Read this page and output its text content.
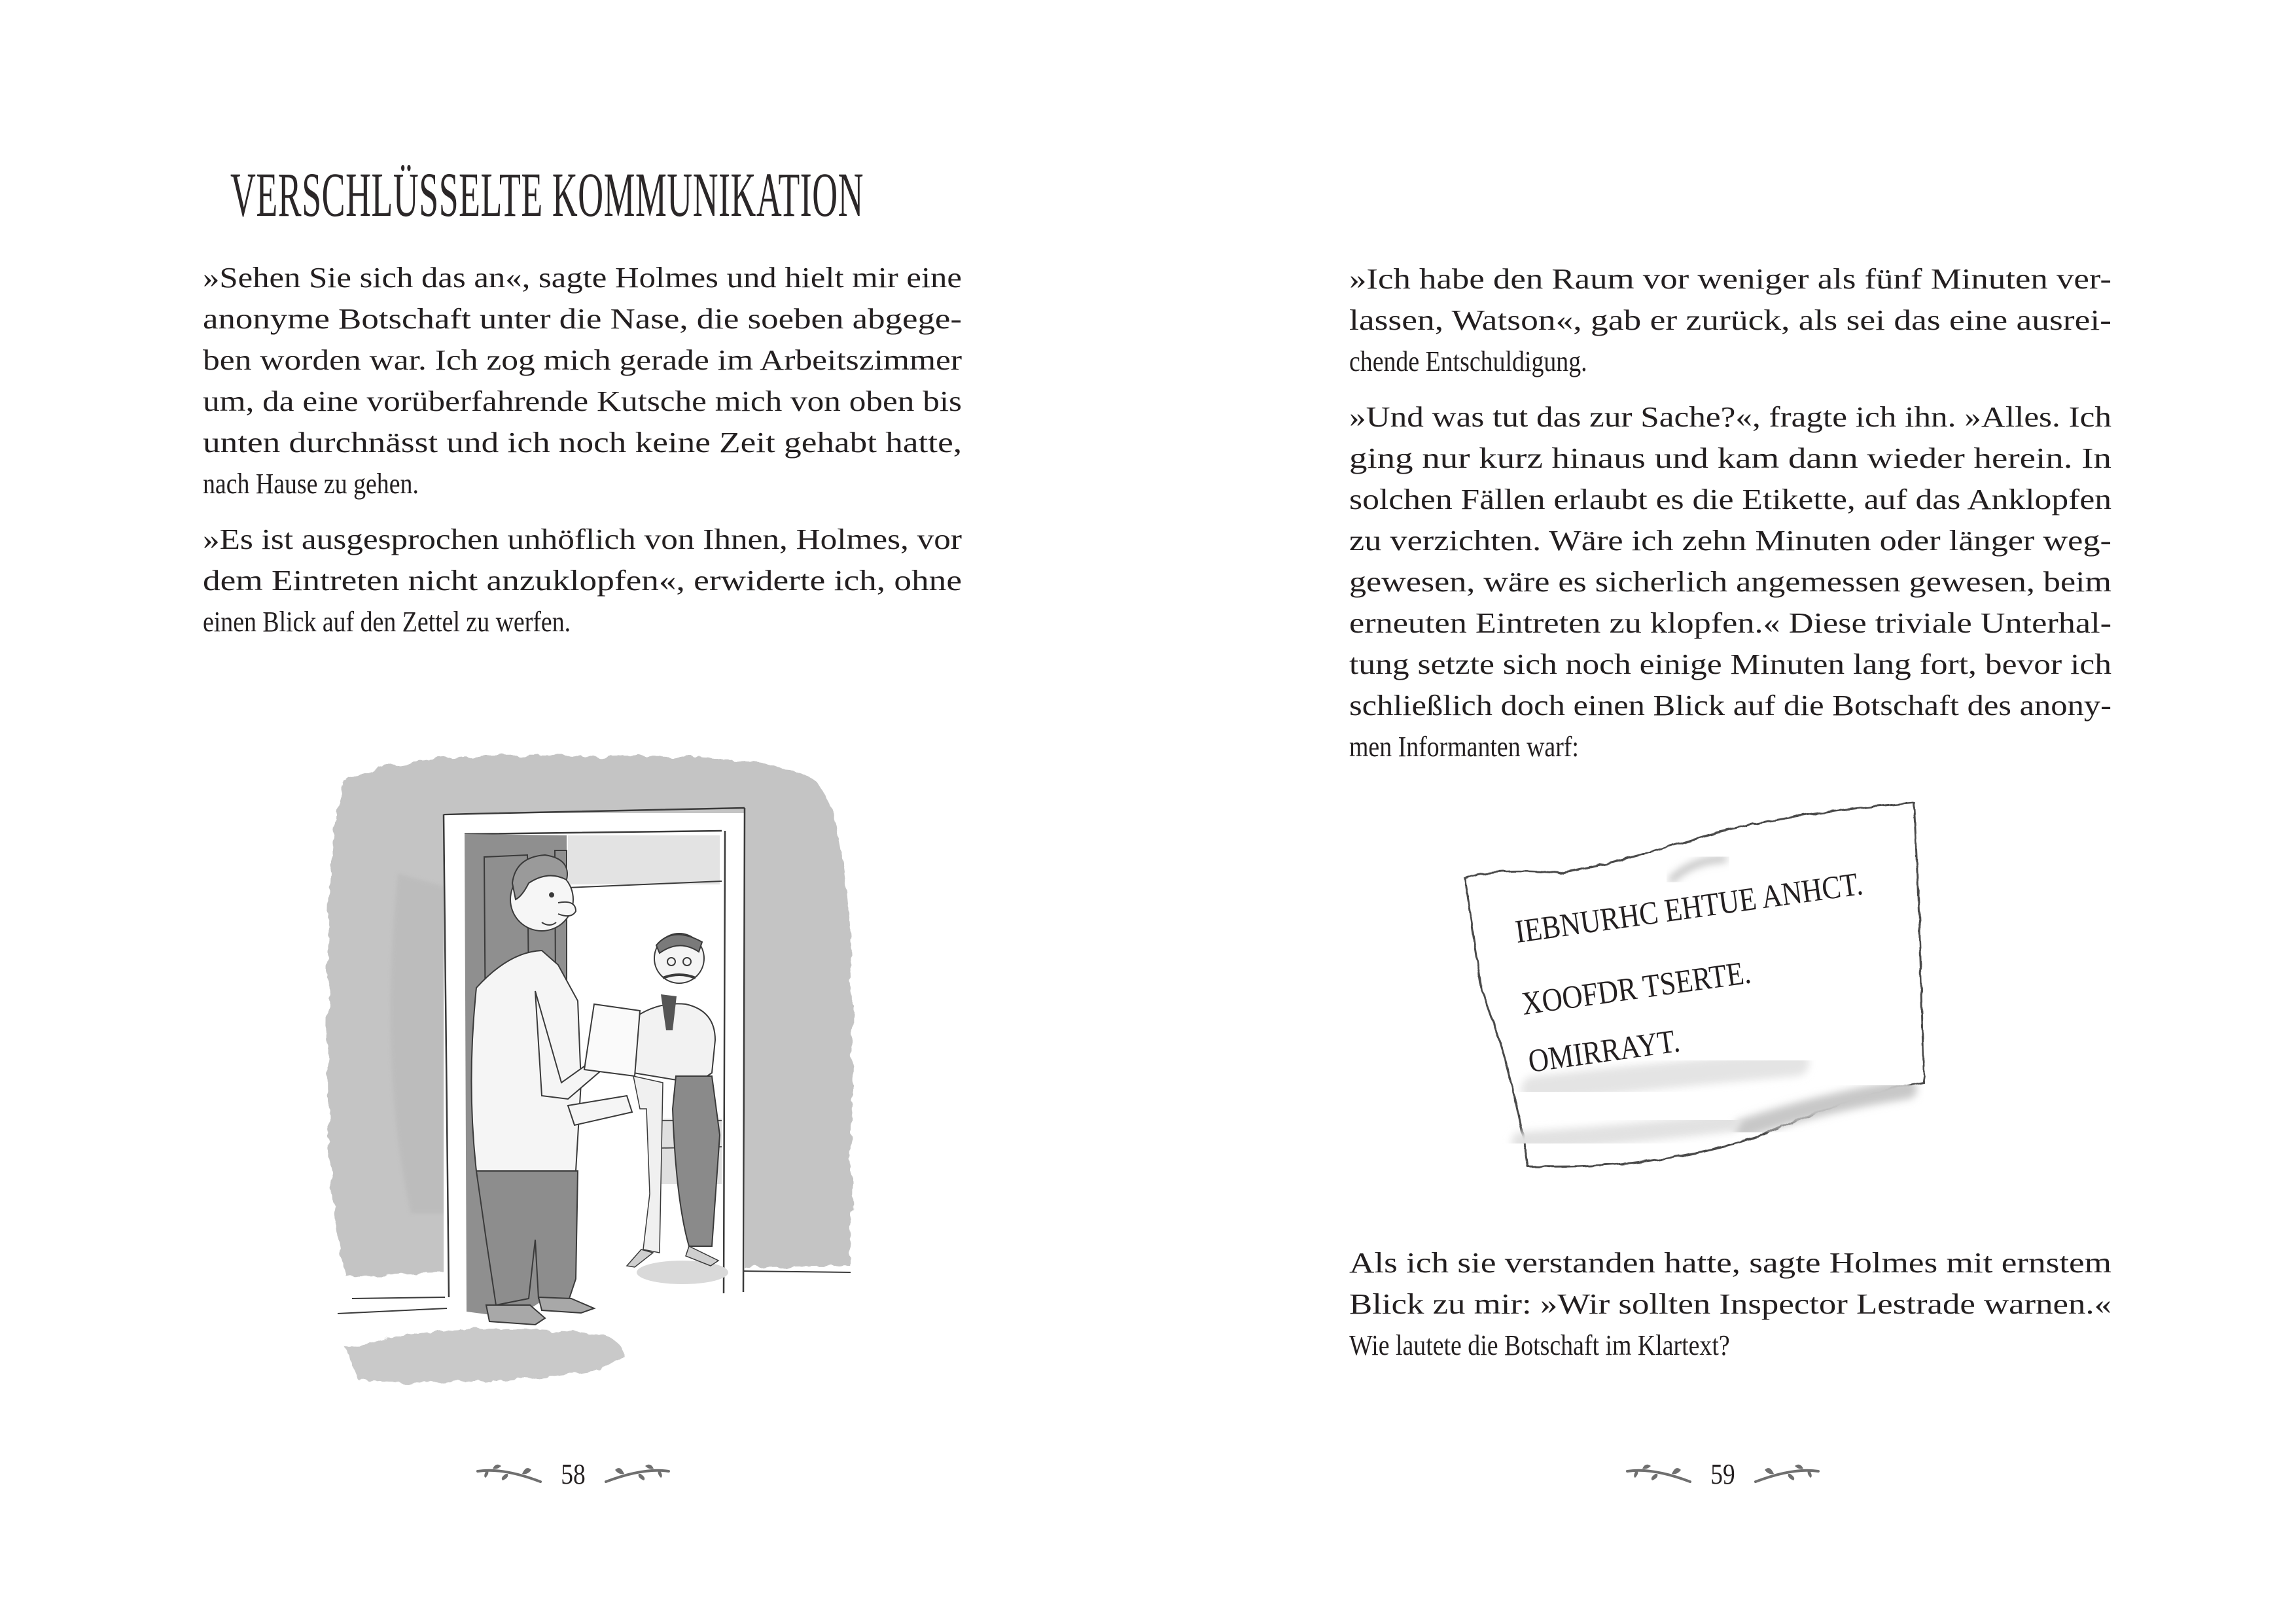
VERSCHLÜSSELTE KOMMUNIKATION

»Sehen Sie sich das an«, sagte Holmes und hielt mir eine
anonyme Botschaft unter die Nase, die soeben abgege-
ben worden war. Ich zog mich gerade im Arbeitszimmer
um, da eine vorüberfahrende Kutsche mich von oben bis
unten durchnässt und ich noch keine Zeit gehabt hatte,
nach Hause zu gehen.

»Es ist ausgesprochen unhöflich von Ihnen, Holmes, vor
dem Eintreten nicht anzuklopfen«, erwiderte ich, ohne
einen Blick auf den Zettel zu werfen.

58

»Ich habe den Raum vor weniger als fünf Minuten ver-
lassen, Watson«, gab er zurück, als sei das eine ausrei-
chende Entschuldigung.

»Und was tut das zur Sache?«, fragte ich ihn. »Alles. Ich
ging nur kurz hinaus und kam dann wieder herein. In
solchen Fällen erlaubt es die Etikette, auf das Anklopfen
zu verzichten. Wäre ich zehn Minuten oder länger weg-
gewesen, wäre es sicherlich angemessen gewesen, beim
erneuten Eintreten zu klopfen.« Diese triviale Unterhal-
tung setzte sich noch einige Minuten lang fort, bevor ich
schließlich doch einen Blick auf die Botschaft des anony-
men Informanten warf:

IEBNURHC EHTUE ANHCT.
XOOFDR TSERTE.
OMIRRAYT.

Als ich sie verstanden hatte, sagte Holmes mit ernstem
Blick zu mir: »Wir sollten Inspector Lestrade warnen.«
Wie lautete die Botschaft im Klartext?

59
